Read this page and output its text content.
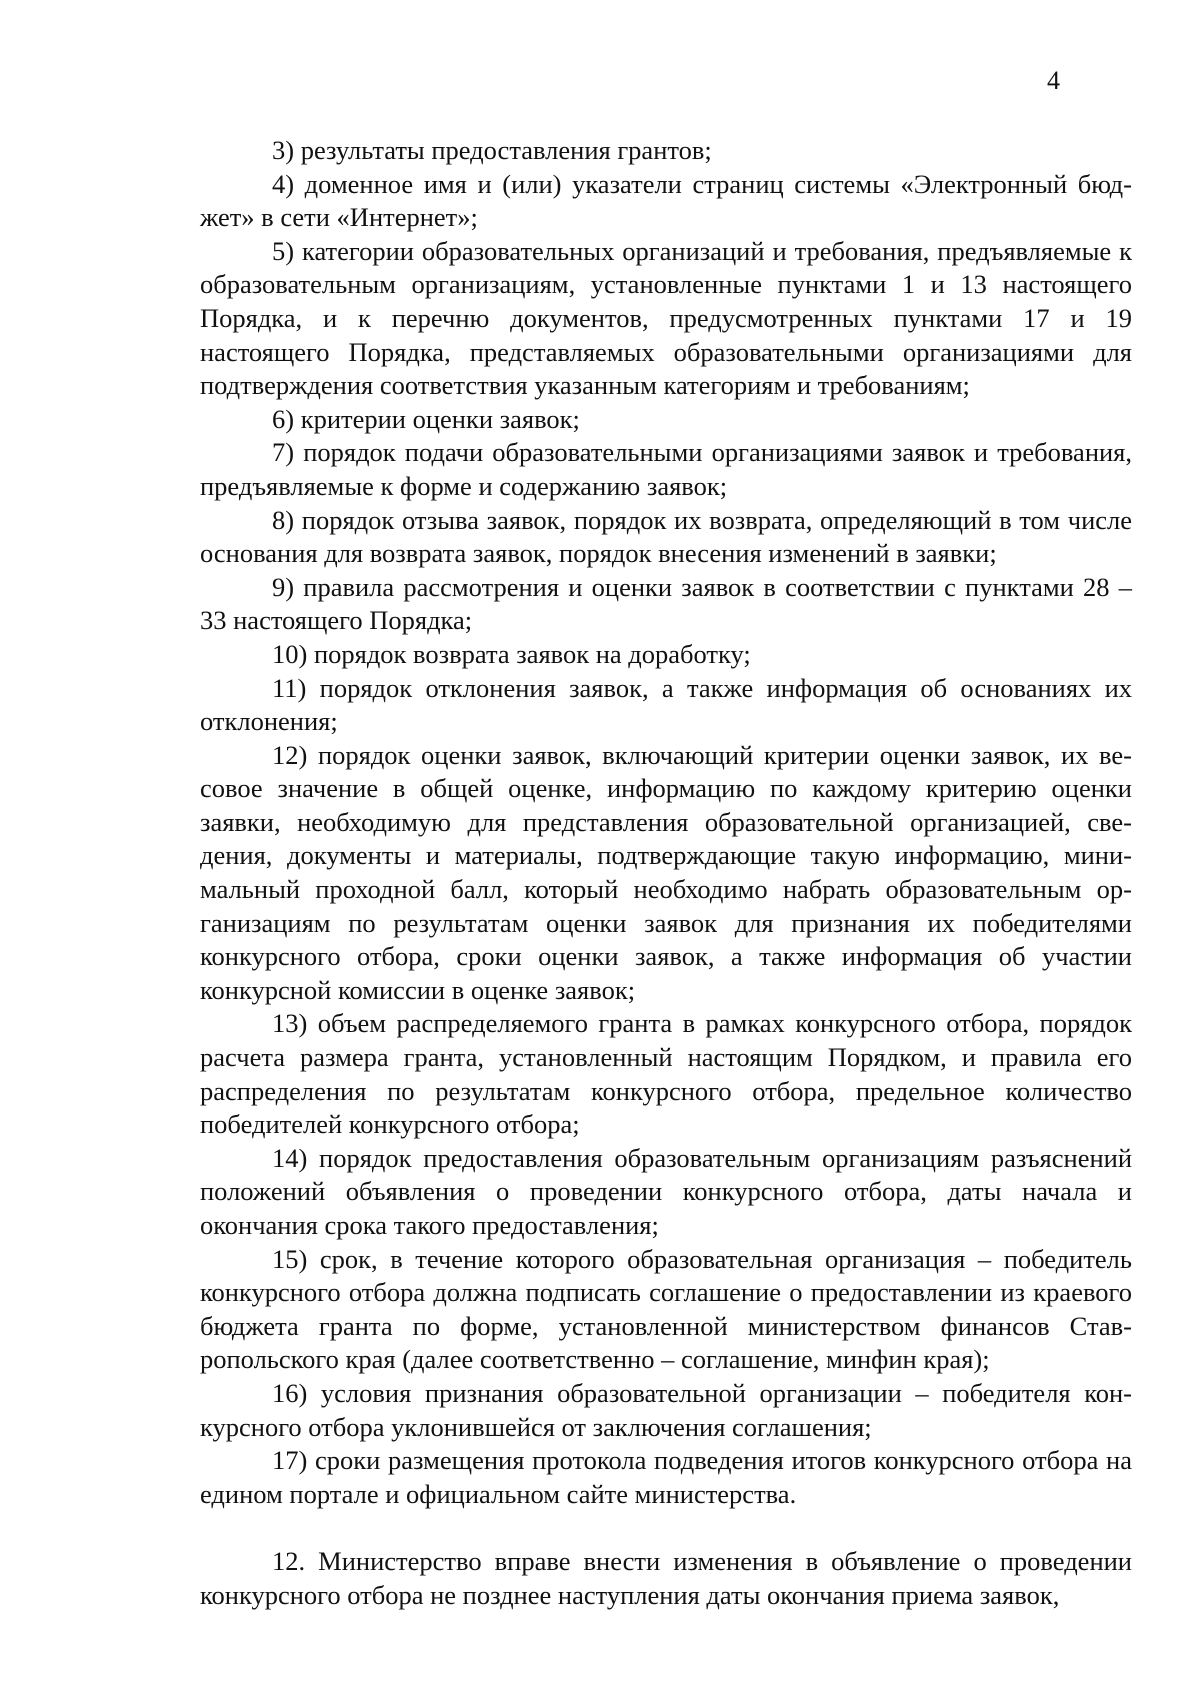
4

3) результаты предоставления грантов;

4) доменное имя и (или) указатели страниц системы «Электронный бюджет» в сети «Интернет»;

5) категории образовательных организаций и требования, предъявляемые к образовательным организациям, установленные пунктами 1 и 13 настоящего Порядка, и к перечню документов, предусмотренных пунктами 17 и 19 настоящего Порядка, представляемых образовательными организациями для подтверждения соответствия указанным категориям и требованиям;

6) критерии оценки заявок;

7) порядок подачи образовательными организациями заявок и требования, предъявляемые к форме и содержанию заявок;

8) порядок отзыва заявок, порядок их возврата, определяющий в том числе основания для возврата заявок, порядок внесения изменений в заявки;

9) правила рассмотрения и оценки заявок в соответствии с пунктами 28 – 33 настоящего Порядка;

10) порядок возврата заявок на доработку;

11) порядок отклонения заявок, а также информация об основаниях их отклонения;

12) порядок оценки заявок, включающий критерии оценки заявок, их весовое значение в общей оценке, информацию по каждому критерию оценки заявки, необходимую для представления образовательной организацией, сведения, документы и материалы, подтверждающие такую информацию, минимальный проходной балл, который необходимо набрать образовательным организациям по результатам оценки заявок для признания их победителями конкурсного отбора, сроки оценки заявок, а также информация об участии конкурсной комиссии в оценке заявок;

13) объем распределяемого гранта в рамках конкурсного отбора, порядок расчета размера гранта, установленный настоящим Порядком, и правила его распределения по результатам конкурсного отбора, предельное количество победителей конкурсного отбора;

14) порядок предоставления образовательным организациям разъяснений положений объявления о проведении конкурсного отбора, даты начала и окончания срока такого предоставления;

15) срок, в течение которого образовательная организация – победитель конкурсного отбора должна подписать соглашение о предоставлении из краевого бюджета гранта по форме, установленной министерством финансов Ставропольского края (далее соответственно – соглашение, минфин края);

16) условия признания образовательной организации – победителя конкурсного отбора уклонившейся от заключения соглашения;

17) сроки размещения протокола подведения итогов конкурсного отбора на едином портале и официальном сайте министерства.

12. Министерство вправе внести изменения в объявление о проведении конкурсного отбора не позднее наступления даты окончания приема заявок,
